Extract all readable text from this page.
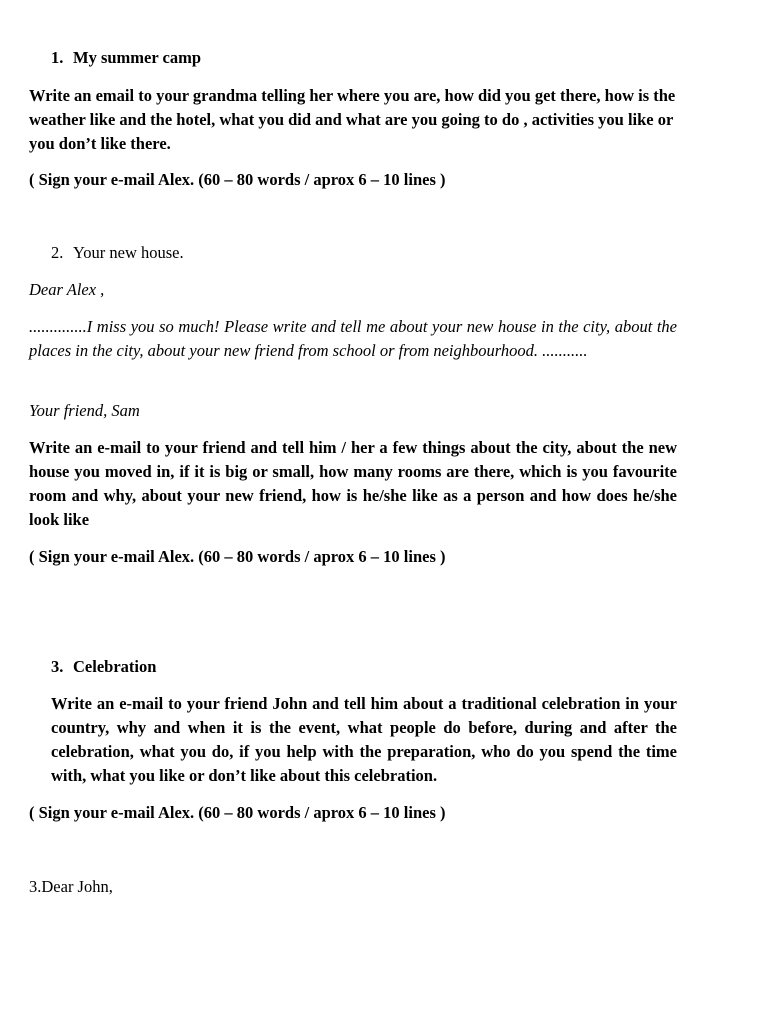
1. My summer camp

Write an email to your grandma telling her where you are, how did you get there, how is the weather like and the hotel, what you did and what are you going to do , activities you like or you don’t like there.

( Sign your e-mail Alex. (60 – 80 words / aprox 6 – 10 lines )

2. Your new house.

Dear Alex ,

..............I miss you so much! Please write and tell me about your new house in the city, about the places in the city, about your new friend from school or from neighbourhood. ...........

Your friend, Sam

Write an e-mail to your friend and tell him / her a few things about the city, about the new house you moved in, if it is big or small, how many rooms are there, which is you favourite room and why, about your new friend, how is he/she like as a person and how does he/she look like

( Sign your e-mail Alex. (60 – 80 words / aprox 6 – 10 lines )

3. Celebration

Write an e-mail to your friend John and tell him about a traditional celebration in your country, why and when it is the event, what people do before, during and after the celebration, what you do, if you help with the preparation, who do you spend the time with, what you like or don’t like about this celebration.

( Sign your e-mail Alex. (60 – 80 words / aprox 6 – 10 lines )

3.Dear John,
